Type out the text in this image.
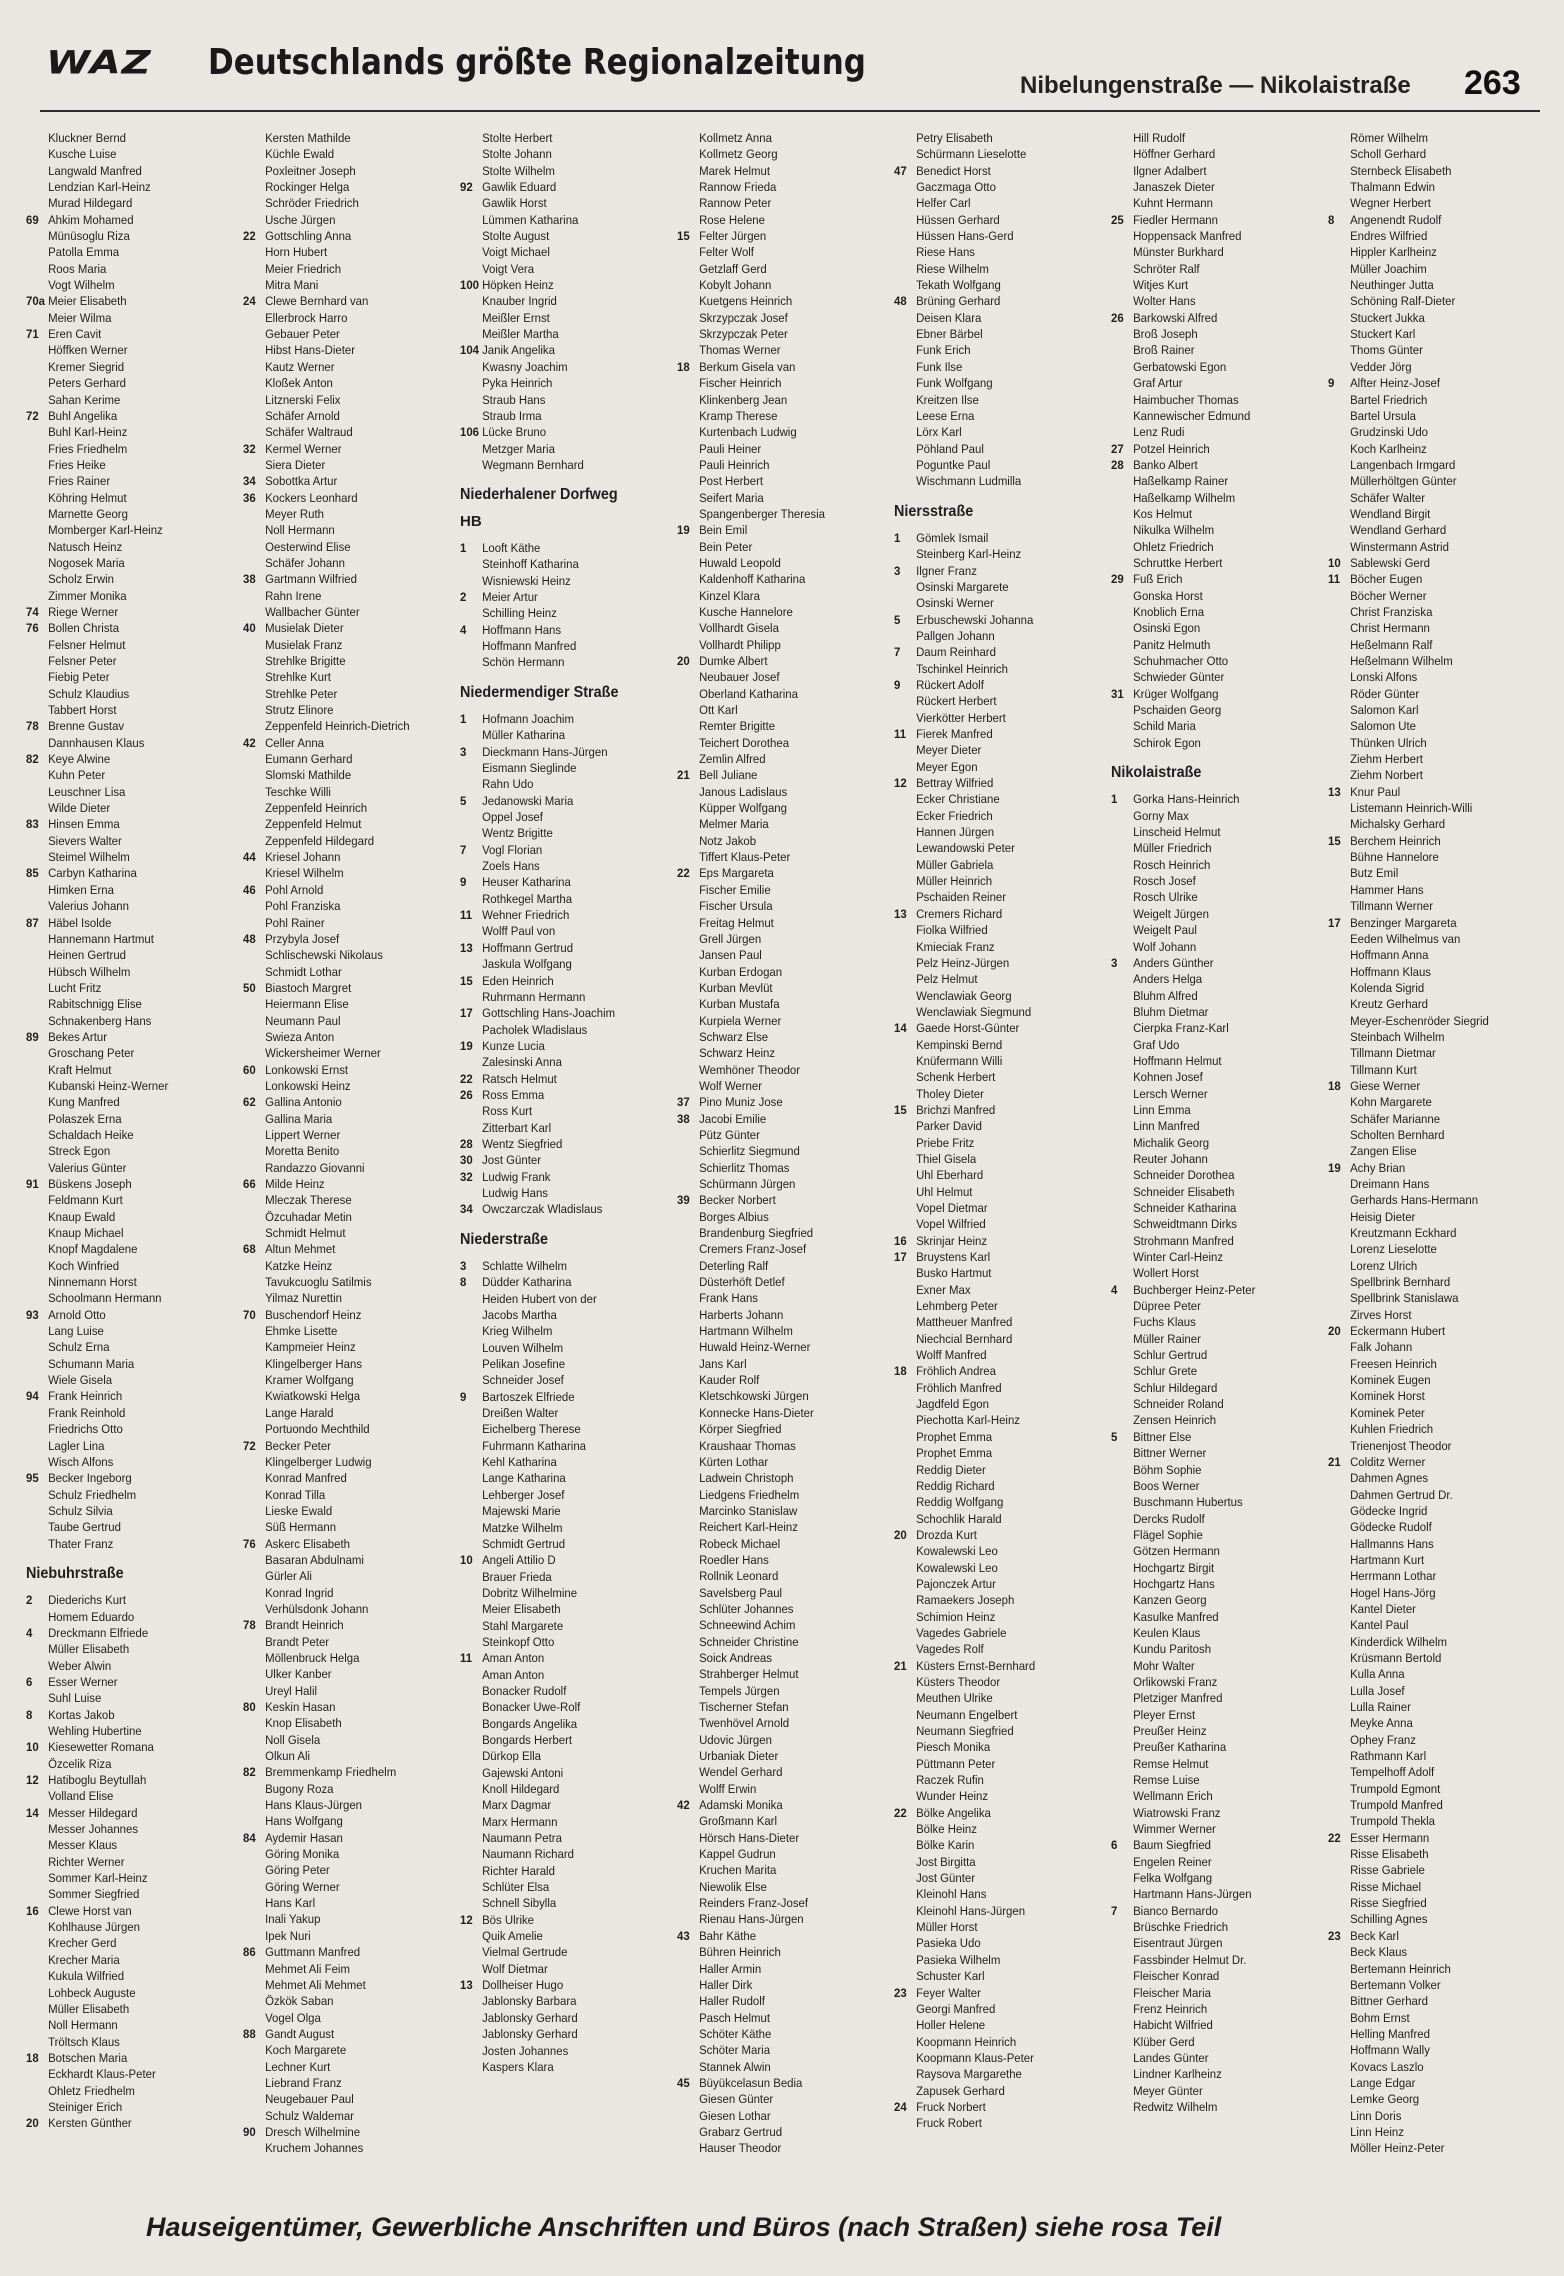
WAZ Deutschlands größte Regionalzeitung
Nibelungenstraße — Nikolaistraße 263
Kluckner Bernd
Kusche Luise
Langwald Manfred
Lendzian Karl-Heinz
Murad Hildegard
69 Ahkim Mohamed
Münüsoglu Riza
Patolla Emma
Roos Maria
Vogt Wilhelm
70a Meier Elisabeth
Meier Wilma
71 Eren Cavit
Höffken Werner
Kremer Siegrid
Peters Gerhard
Sahan Kerime
72 Buhl Angelika
Buhl Karl-Heinz
Fries Friedhelm
Fries Heike
Fries Rainer
Köhring Helmut
Marnette Georg
Momberger Karl-Heinz
Natusch Heinz
Nogosek Maria
Scholz Erwin
Zimmer Monika
74 Riege Werner
76 Bollen Christa
Felsner Helmut
Felsner Peter
Fiebig Peter
Schulz Klaudius
Tabbert Horst
78 Brenne Gustav
Dannhausen Klaus
82 Keye Alwine
Kuhn Peter
Leuschner Lisa
Wilde Dieter
83 Hinsen Emma
Sievers Walter
Steimel Wilhelm
85 Carbyn Katharina
Himken Erna
Valerius Johann
87 Häbel Isolde
Hannemann Hartmut
Heinen Gertrud
Hübsch Wilhelm
Lucht Fritz
Rabitschnigg Elise
Schnakenberg Hans
89 Bekes Artur
Groschang Peter
Kraft Helmut
Kubanski Heinz-Werner
Kung Manfred
Polaszek Erna
Schaldach Heike
Streck Egon
Valerius Günter
91 Büskens Joseph
Feldmann Kurt
Knaup Ewald
Knaup Michael
Knopf Magdalene
Koch Winfried
Ninnemann Horst
Schoolmann Hermann
93 Arnold Otto
Lang Luise
Schulz Erna
Schumann Maria
Wiele Gisela
94 Frank Heinrich
Frank Reinhold
Friedrichs Otto
Lagler Lina
Wisch Alfons
95 Becker Ingeborg
Schulz Friedhelm
Schulz Silvia
Taube Gertrud
Thater Franz
Niebuhrstraße
2 Diederichs Kurt
Homem Eduardo
4 Dreckmann Elfriede
Müller Elisabeth
Weber Alwin
6 Esser Werner
Suhl Luise
8 Kortas Jakob
Wehling Hubertine
10 Kiesewetter Romana
Özcelik Riza
12 Hatiboglu Beytullah
Volland Elise
14 Messer Hildegard
Messer Johannes
Messer Klaus
Richter Werner
Sommer Karl-Heinz
Sommer Siegfried
16 Clewe Horst van
Kohlhause Jürgen
Krecher Gerd
Krecher Maria
Kukula Wilfried
Lohbeck Auguste
Müller Elisabeth
Noll Hermann
Tröltsch Klaus
18 Botschen Maria
Eckhardt Klaus-Peter
Ohletz Friedhelm
Steiniger Erich
20 Kersten Günther
Kersten Mathilde
Küchle Ewald
Poxleitner Joseph
Rockinger Helga
Schröder Friedrich
Usche Jürgen
22 Gottschling Anna
Horn Hubert
Meier Friedrich
Mitra Mani
24 Clewe Bernhard van
Ellerbrock Harro
Gebauer Peter
Hibst Hans-Dieter
Kautz Werner
Kloßek Anton
Litznerski Felix
Schäfer Arnold
Schäfer Waltraud
32 Kermel Werner
Siera Dieter
34 Sobottka Artur
36 Kockers Leonhard
Meyer Ruth
Noll Hermann
Oesterwind Elise
Schäfer Johann
38 Gartmann Wilfried
Rahn Irene
Wallbacher Günter
40 Musielak Dieter
Musielak Franz
Strehlke Brigitte
Strehlke Kurt
Strehlke Peter
Strutz Elinore
Zeppenfeld Heinrich-Dietrich
42 Celler Anna
Eumann Gerhard
Slomski Mathilde
Teschke Willi
Zeppenfeld Heinrich
Zeppenfeld Helmut
Zeppenfeld Hildegard
44 Kriesel Johann
Kriesel Wilhelm
46 Pohl Arnold
Pohl Franziska
Pohl Rainer
48 Przybyla Josef
Schlischewski Nikolaus
Schmidt Lothar
50 Biastoch Margret
Heiermann Elise
Neumann Paul
Swieza Anton
Wickersheimer Werner
60 Lonkowski Ernst
Lonkowski Heinz
62 Gallina Antonio
Gallina Maria
Lippert Werner
Moretta Benito
Randazzo Giovanni
66 Milde Heinz
Mleczak Therese
Özcuhadar Metin
Schmidt Helmut
68 Altun Mehmet
Katzke Heinz
Tavukcuoglu Satilmis
Yilmaz Nurettin
70 Buschendorf Heinz
Ehmke Lisette
Kampmeier Heinz
Klingelberger Hans
Kramer Wolfgang
Kwiatkowski Helga
Lange Harald
Portuondo Mechthild
72 Becker Peter
Klingelberger Ludwig
Konrad Manfred
Konrad Tilla
Lieske Ewald
Süß Hermann
76 Askerc Elisabeth
Basaran Abdulnami
Gürler Ali
Konrad Ingrid
Verhülsdonk Johann
78 Brandt Heinrich
Brandt Peter
Möllenbruck Helga
Ulker Kanber
Ureyl Halil
80 Keskin Hasan
Knop Elisabeth
Noll Gisela
Olkun Ali
82 Bremmenkamp Friedhelm
Bugony Roza
Hans Klaus-Jürgen
Hans Wolfgang
84 Aydemir Hasan
Göring Monika
Göring Peter
Göring Werner
Hans Karl
Inali Yakup
Ipek Nuri
86 Guttmann Manfred
Mehmet Ali Feim
Mehmet Ali Mehmet
Özkök Saban
Vogel Olga
88 Gandt August
Koch Margarete
Lechner Kurt
Liebrand Franz
Neugebauer Paul
Schulz Waldemar
90 Dresch Wilhelmine
Kruchem Johannes
Stolte Herbert
Stolte Johann
Stolte Wilhelm
92 Gawlik Eduard
Gawlik Horst
Lümmen Katharina
Stolte August
Voigt Michael
Voigt Vera
100 Höpken Heinz
Knauber Ingrid
Meißler Ernst
Meißler Martha
104 Janik Angelika
Kwasny Joachim
Pyka Heinrich
Straub Hans
Straub Irma
106 Lücke Bruno
Metzger Maria
Wegmann Bernhard
Niederhalener Dorfweg
HB
1 Looft Käthe
Steinhoff Katharina
Wisniewski Heinz
2 Meier Artur
Schilling Heinz
4 Hoffmann Hans
Hoffmann Manfred
Schön Hermann
Niedermendiger Straße
1 Hofmann Joachim
Müller Katharina
3 Dieckmann Hans-Jürgen
Eismann Sieglinde
Rahn Udo
5 Jedanowski Maria
Oppel Josef
Wentz Brigitte
7 Vogl Florian
Zoels Hans
9 Heuser Katharina
Rothkegel Martha
11 Wehner Friedrich
Wolff Paul von
13 Hoffmann Gertrud
Jaskula Wolfgang
15 Eden Heinrich
Ruhrmann Hermann
17 Gottschling Hans-Joachim
Pacholek Wladislaus
19 Kunze Lucia
Zalesinski Anna
22 Ratsch Helmut
26 Ross Emma
Ross Kurt
Zitterbart Karl
28 Wentz Siegfried
30 Jost Günter
32 Ludwig Frank
Ludwig Hans
34 Owczarczak Wladislaus
Niederstraße
3 Schlatte Wilhelm
8 Düdder Katharina
Heiden Hubert von der
Jacobs Martha
Krieg Wilhelm
Louven Wilhelm
Pelikan Josefine
Schneider Josef
9 Bartoszek Elfriede
Dreißen Walter
Eichelberg Therese
Fuhrmann Katharina
Kehl Katharina
Lange Katharina
Lehberger Josef
Majewski Marie
Matzke Wilhelm
Schmidt Gertrud
10 Angeli Attilio D
Brauer Frieda
Dobritz Wilhelmine
Meier Elisabeth
Stahl Margarete
Steinkopf Otto
11 Aman Anton
Aman Anton
Bonacker Rudolf
Bonacker Uwe-Rolf
Bongards Angelika
Bongards Herbert
Dürkop Ella
Gajewski Antoni
Knoll Hildegard
Marx Dagmar
Marx Hermann
Naumann Petra
Naumann Richard
Richter Harald
Schlüter Elsa
Schnell Sibylla
12 Bös Ulrike
Quik Amelie
Vielmal Gertrude
Wolf Dietmar
13 Dollheiser Hugo
Jablonsky Barbara
Jablonsky Gerhard
Jablonsky Gerhard
Josten Johannes
Kaspers Klara
Kollmetz Anna
Kollmetz Georg
Marek Helmut
Rannow Frieda
Rannow Peter
Rose Helene
15 Felter Jürgen
Felter Wolf
Getzlaff Gerd
Kobylt Johann
Kuetgens Heinrich
Skrzypczak Josef
Skrzypczak Peter
Thomas Werner
18 Berkum Gisela van
Fischer Heinrich
Klinkenberg Jean
Kramp Therese
Kurtenbach Ludwig
Pauli Heiner
Pauli Heinrich
Post Herbert
Seifert Maria
Spangenberger Theresia
19 Bein Emil
Bein Peter
Huwald Leopold
Kaldenhoff Katharina
Kinzel Klara
Kusche Hannelore
Vollhardt Gisela
Vollhardt Philipp
20 Dumke Albert
Neubauer Josef
Oberland Katharina
Ott Karl
Remter Brigitte
Teichert Dorothea
Zemlin Alfred
21 Bell Juliane
Janous Ladislaus
Küpper Wolfgang
Melmer Maria
Notz Jakob
Tiffert Klaus-Peter
22 Eps Margareta
Fischer Emilie
Fischer Ursula
Freitag Helmut
Grell Jürgen
Jansen Paul
Kurban Erdogan
Kurban Mevlüt
Kurban Mustafa
Kurpiela Werner
Schwarz Else
Schwarz Heinz
Wemhöner Theodor
Wolf Werner
37 Pino Muniz Jose
38 Jacobi Emilie
Pütz Günter
Schierlitz Siegmund
Schierlitz Thomas
Schürmann Jürgen
39 Becker Norbert
Borges Albius
Brandenburg Siegfried
Cremers Franz-Josef
Deterling Ralf
Düsterhöft Detlef
Frank Hans
Harberts Johann
Hartmann Wilhelm
Huwald Heinz-Werner
Jans Karl
Kauder Rolf
Kletschkowski Jürgen
Konnecke Hans-Dieter
Körper Siegfried
Kraushaar Thomas
Kürten Lothar
Ladwein Christoph
Liedgens Friedhelm
Marcinko Stanislaw
Reichert Karl-Heinz
Robeck Michael
Roedler Hans
Rollnik Leonard
Savelsberg Paul
Schlüter Johannes
Schneewind Achim
Schneider Christine
Soick Andreas
Strahberger Helmut
Tempels Jürgen
Tischerner Stefan
Twenhövel Arnold
Udovic Jürgen
Urbaniak Dieter
Wendel Gerhard
Wolff Erwin
42 Adamski Monika
Großmann Karl
Hörsch Hans-Dieter
Kappel Gudrun
Kruchen Marita
Niewolik Else
Reinders Franz-Josef
Rienau Hans-Jürgen
43 Bahr Käthe
Bühren Heinrich
Haller Armin
Haller Dirk
Haller Rudolf
Pasch Helmut
Schöter Käthe
Schöter Maria
Stannek Alwin
45 Büyükcelasun Bedia
Giesen Günter
Giesen Lothar
Grabarz Gertrud
Hauser Theodor
Petry Elisabeth
Schürmann Lieselotte
47 Benedict Horst
Gaczmaga Otto
Helfer Carl
Hüssen Gerhard
Hüssen Hans-Gerd
Riese Hans
Riese Wilhelm
Tekath Wolfgang
48 Brüning Gerhard
Deisen Klara
Ebner Bärbel
Funk Erich
Funk Ilse
Funk Wolfgang
Kreitzen Ilse
Leese Erna
Lörx Karl
Pöhland Paul
Poguntke Paul
Wischmann Ludmilla
Niersstraße
1 Gömlek Ismail
Steinberg Karl-Heinz
3 Ilgner Franz
Osinski Margarete
Osinski Werner
5 Erbuschewski Johanna
Pallgen Johann
7 Daum Reinhard
Tschinkel Heinrich
9 Rückert Adolf
Rückert Herbert
Vierkötter Herbert
11 Fierek Manfred
Meyer Dieter
Meyer Egon
12 Bettray Wilfried
Ecker Christiane
Ecker Friedrich
Hannen Jürgen
Lewandowski Peter
Müller Gabriela
Müller Heinrich
Pschaiden Reiner
13 Cremers Richard
Fiolka Wilfried
Kmieciak Franz
Pelz Heinz-Jürgen
Pelz Helmut
Wenclawiak Georg
Wenclawiak Siegmund
14 Gaede Horst-Günter
Kempinski Bernd
Knüfermann Willi
Schenk Herbert
Tholey Dieter
15 Brichzi Manfred
Parker David
Priebe Fritz
Thiel Gisela
Uhl Eberhard
Uhl Helmut
Vopel Dietmar
Vopel Wilfried
16 Skrinjar Heinz
17 Bruystens Karl
Busko Hartmut
Exner Max
Lehmberg Peter
Mattheuer Manfred
Niechcial Bernhard
Wolff Manfred
18 Fröhlich Andrea
Fröhlich Manfred
Jagdfeld Egon
Piechotta Karl-Heinz
Prophet Emma
Prophet Emma
Reddig Dieter
Reddig Richard
Reddig Wolfgang
Schochlik Harald
20 Drozda Kurt
Kowalewski Leo
Kowalewski Leo
Pajonczek Artur
Ramaekers Joseph
Schimion Heinz
Vagedes Gabriele
Vagedes Rolf
21 Küsters Ernst-Bernhard
Küsters Theodor
Meuthen Ulrike
Neumann Engelbert
Neumann Siegfried
Piesch Monika
Püttmann Peter
Raczek Rufin
Wunder Heinz
22 Bölke Angelika
Bölke Heinz
Bölke Karin
Jost Birgitta
Jost Günter
Kleinohl Hans
Kleinohl Hans-Jürgen
Müller Horst
Pasieka Udo
Pasieka Wilhelm
Schuster Karl
23 Feyer Walter
Georgi Manfred
Holler Helene
Koopmann Heinrich
Koopmann Klaus-Peter
Raysova Margarethe
Zapusek Gerhard
24 Fruck Norbert
Fruck Robert
Hill Rudolf
Höffner Gerhard
Ilgner Adalbert
Janaszek Dieter
Kuhnt Hermann
25 Fiedler Hermann
Hoppensack Manfred
Münster Burkhard
Schröter Ralf
Witjes Kurt
Wolter Hans
26 Barkowski Alfred
Broß Joseph
Broß Rainer
Gerbatowski Egon
Graf Artur
Haimbucher Thomas
Kannewischer Edmund
Lenz Rudi
27 Potzel Heinrich
28 Banko Albert
Haßelkamp Rainer
Haßelkamp Wilhelm
Kos Helmut
Nikulka Wilhelm
Ohletz Friedrich
Schruttke Herbert
29 Fuß Erich
Gonska Horst
Knoblich Erna
Osinski Egon
Panitz Helmuth
Schuhmacher Otto
Schwieder Günter
31 Krüger Wolfgang
Pschaiden Georg
Schild Maria
Schirok Egon
Nikolaistraße
1 Gorka Hans-Heinrich
Gorny Max
Linscheid Helmut
Müller Friedrich
Rosch Heinrich
Rosch Josef
Rosch Ulrike
Weigelt Jürgen
Weigelt Paul
Wolf Johann
3 Anders Günther
Anders Helga
Bluhm Alfred
Bluhm Dietmar
Cierpka Franz-Karl
Graf Udo
Hoffmann Helmut
Kohnen Josef
Lersch Werner
Linn Emma
Linn Manfred
Michalik Georg
Reuter Johann
Schneider Dorothea
Schneider Elisabeth
Schneider Katharina
Schweidtmann Dirks
Strohmann Manfred
Winter Carl-Heinz
Wollert Horst
4 Buchberger Heinz-Peter
Düpree Peter
Fuchs Klaus
Müller Rainer
Schlur Gertrud
Schlur Grete
Schlur Hildegard
Schneider Roland
Zensen Heinrich
5 Bittner Else
Bittner Werner
Böhm Sophie
Boos Werner
Buschmann Hubertus
Dercks Rudolf
Flägel Sophie
Götzen Hermann
Hochgartz Birgit
Hochgartz Hans
Kanzen Georg
Kasulke Manfred
Keulen Klaus
Kundu Paritosh
Mohr Walter
Orlikowski Franz
Pletziger Manfred
Pleyer Ernst
Preußer Heinz
Preußer Katharina
Remse Helmut
Remse Luise
Wellmann Erich
Wiatrowski Franz
Wimmer Werner
6 Baum Siegfried
Engelen Reiner
Felka Wolfgang
Hartmann Hans-Jürgen
7 Bianco Bernardo
Brüschke Friedrich
Eisentraut Jürgen
Fassbinder Helmut Dr.
Fleischer Konrad
Fleischer Maria
Frenz Heinrich
Habicht Wilfried
Klüber Gerd
Landes Günter
Lindner Karlheinz
Meyer Günter
Redwitz Wilhelm
Römer Wilhelm
Scholl Gerhard
Sternbeck Elisabeth
Thalmann Edwin
Wegner Herbert
8 Angenendt Rudolf
Endres Wilfried
Hippler Karlheinz
Müller Joachim
Neuthinger Jutta
Schöning Ralf-Dieter
Stuckert Jukka
Stuckert Karl
Thoms Günter
Vedder Jörg
9 Alfter Heinz-Josef
Bartel Friedrich
Bartel Ursula
Grudzinski Udo
Koch Karlheinz
Langenbach Irmgard
Müllerhöltgen Günter
Schäfer Walter
Wendland Birgit
Wendland Gerhard
Winstermann Astrid
10 Sablewski Gerd
11 Böcher Eugen
Böcher Werner
Christ Franziska
Christ Hermann
Heßelmann Ralf
Heßelmann Wilhelm
Lonski Alfons
Röder Günter
Salomon Karl
Salomon Ute
Thünken Ulrich
Ziehm Herbert
Ziehm Norbert
13 Knur Paul
Listemann Heinrich-Willi
Michalsky Gerhard
15 Berchem Heinrich
Bühne Hannelore
Butz Emil
Hammer Hans
Tillmann Werner
17 Benzinger Margareta
Eeden Wilhelmus van
Hoffmann Anna
Hoffmann Klaus
Kolenda Sigrid
Kreutz Gerhard
Meyer-Eschenröder Siegrid
Steinbach Wilhelm
Tillmann Dietmar
Tillmann Kurt
18 Giese Werner
Kohn Margarete
Schäfer Marianne
Scholten Bernhard
Zangen Elise
19 Achy Brian
Dreimann Hans
Gerhards Hans-Hermann
Heisig Dieter
Kreutzmann Eckhard
Lorenz Lieselotte
Lorenz Ulrich
Spellbrink Bernhard
Spellbrink Stanislawa
Zirves Horst
20 Eckermann Hubert
Falk Johann
Freesen Heinrich
Kominek Eugen
Kominek Horst
Kominek Peter
Kuhlen Friedrich
Trienenjost Theodor
21 Colditz Werner
Dahmen Agnes
Dahmen Gertrud Dr.
Gödecke Ingrid
Gödecke Rudolf
Hallmanns Hans
Hartmann Kurt
Herrmann Lothar
Hogel Hans-Jörg
Kantel Dieter
Kantel Paul
Kinderdick Wilhelm
Krüsmann Bertold
Kulla Anna
Lulla Josef
Lulla Rainer
Meyke Anna
Ophey Franz
Rathmann Karl
Tempelhoff Adolf
Trumpold Egmont
Trumpold Manfred
Trumpold Thekla
22 Esser Hermann
Risse Elisabeth
Risse Gabriele
Risse Michael
Risse Siegfried
Schilling Agnes
23 Beck Karl
Beck Klaus
Bertemann Heinrich
Bertemann Volker
Bittner Gerhard
Bohm Ernst
Helling Manfred
Hoffmann Wally
Kovacs Laszlo
Lange Edgar
Lemke Georg
Linn Doris
Linn Heinz
Möller Heinz-Peter
Hauseigentümer, Gewerbliche Anschriften und Büros (nach Straßen) siehe rosa Teil
